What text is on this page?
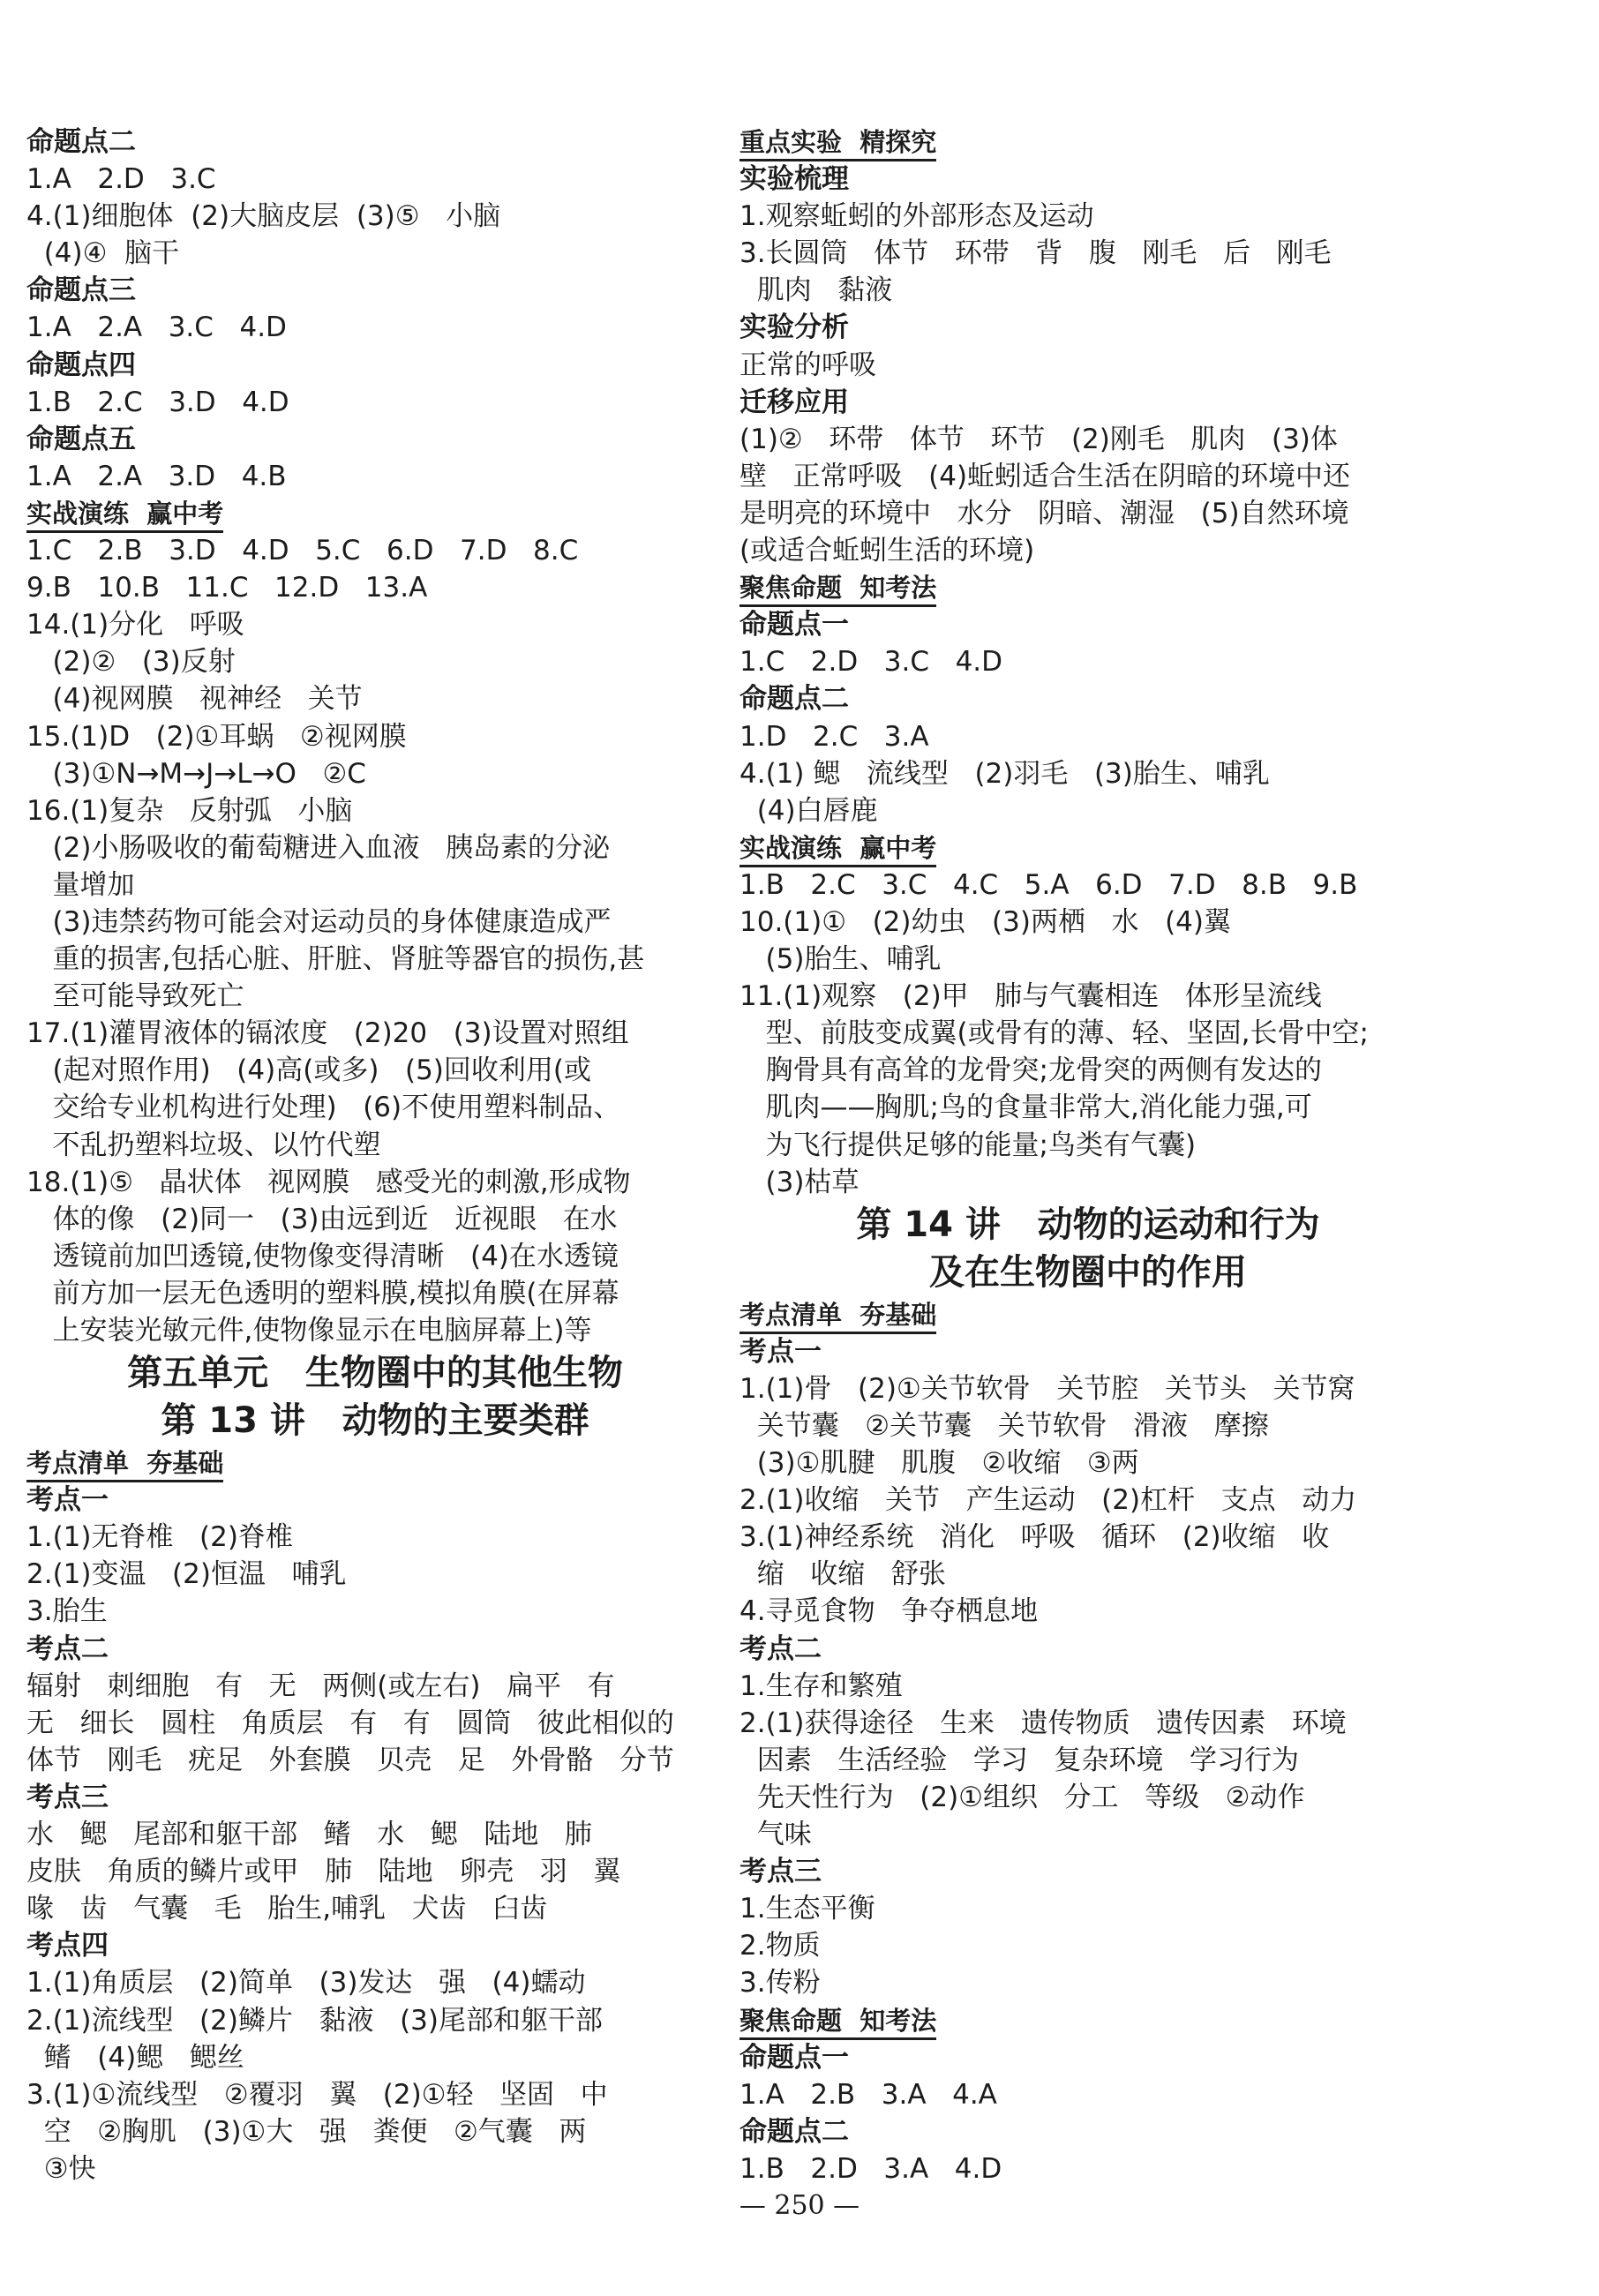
命题点二
1.A   2.D   3.C
4.(1)细胞体  (2)大脑皮层  (3)⑤   小脑
(4)④  脑干
命题点三
1.A   2.A   3.C   4.D
命题点四
1.B   2.C   3.D   4.D
命题点五
1.A   2.A   3.D   4.B
实战演练  赢中考
1.C   2.B   3.D   4.D   5.C   6.D   7.D   8.C
9.B   10.B   11.C   12.D   13.A
14.(1)分化   呼吸
(2)②   (3)反射
(4)视网膜   视神经   关节
15.(1)D   (2)①耳蜗   ②视网膜
(3)①N→M→J→L→O   ②C
16.(1)复杂   反射弧   小脑
(2)小肠吸收的葡萄糖进入血液   胰岛素的分泌
量增加
(3)违禁药物可能会对运动员的身体健康造成严
重的损害,包括心脏、肝脏、肾脏等器官的损伤,甚
至可能导致死亡
17.(1)灌胃液体的镉浓度   (2)20   (3)设置对照组
(起对照作用)   (4)高(或多)   (5)回收利用(或
交给专业机构进行处理)   (6)不使用塑料制品、
不乱扔塑料垃圾、以竹代塑
18.(1)⑤   晶状体   视网膜   感受光的刺激,形成物
体的像   (2)同一   (3)由远到近   近视眼   在水
透镜前加凹透镜,使物像变得清晰   (4)在水透镜
前方加一层无色透明的塑料膜,模拟角膜(在屏幕
上安装光敏元件,使物像显示在电脑屏幕上)等
第五单元   生物圈中的其他生物
第 13 讲   动物的主要类群
考点清单  夯基础
考点一
1.(1)无脊椎   (2)脊椎
2.(1)变温   (2)恒温   哺乳
3.胎生
考点二
辐射   刺细胞   有   无   两侧(或左右)   扁平   有
无   细长   圆柱   角质层   有   有   圆筒   彼此相似的
体节   刚毛   疣足   外套膜   贝壳   足   外骨骼   分节
考点三
水   鳃   尾部和躯干部   鳍   水   鳃   陆地   肺
皮肤   角质的鳞片或甲   肺   陆地   卵壳   羽   翼
喙   齿   气囊   毛   胎生,哺乳   犬齿   臼齿
考点四
1.(1)角质层   (2)简单   (3)发达   强   (4)蠕动
2.(1)流线型   (2)鳞片   黏液   (3)尾部和躯干部
鳍   (4)鳃   鳃丝
3.(1)①流线型   ②覆羽   翼   (2)①轻   坚固   中
空   ②胸肌   (3)①大   强   粪便   ②气囊   两
③快
重点实验  精探究
实验梳理
1.观察蚯蚓的外部形态及运动
3.长圆筒   体节   环带   背   腹   刚毛   后   刚毛
肌肉   黏液
实验分析
正常的呼吸
迁移应用
(1)②   环带   体节   环节   (2)刚毛   肌肉   (3)体
壁   正常呼吸   (4)蚯蚓适合生活在阴暗的环境中还
是明亮的环境中   水分   阴暗、潮湿   (5)自然环境
(或适合蚯蚓生活的环境)
聚焦命题  知考法
命题点一
1.C   2.D   3.C   4.D
命题点二
1.D   2.C   3.A
4.(1) 鳃   流线型   (2)羽毛   (3)胎生、哺乳
(4)白唇鹿
实战演练  赢中考
1.B   2.C   3.C   4.C   5.A   6.D   7.D   8.B   9.B
10.(1)①   (2)幼虫   (3)两栖   水   (4)翼
(5)胎生、哺乳
11.(1)观察   (2)甲   肺与气囊相连   体形呈流线
型、前肢变成翼(或骨有的薄、轻、坚固,长骨中空;
胸骨具有高耸的龙骨突;龙骨突的两侧有发达的
肌肉——胸肌;鸟的食量非常大,消化能力强,可
为飞行提供足够的能量;鸟类有气囊)
(3)枯草
第 14 讲   动物的运动和行为
及在生物圈中的作用
考点清单  夯基础
考点一
1.(1)骨   (2)①关节软骨   关节腔   关节头   关节窝
关节囊   ②关节囊   关节软骨   滑液   摩擦
(3)①肌腱   肌腹   ②收缩   ③两
2.(1)收缩   关节   产生运动   (2)杠杆   支点   动力
3.(1)神经系统   消化   呼吸   循环   (2)收缩   收
缩   收缩   舒张
4.寻觅食物   争夺栖息地
考点二
1.生存和繁殖
2.(1)获得途径   生来   遗传物质   遗传因素   环境
因素   生活经验   学习   复杂环境   学习行为
先天性行为   (2)①组织   分工   等级   ②动作
气味
考点三
1.生态平衡
2.物质
3.传粉
聚焦命题  知考法
命题点一
1.A   2.B   3.A   4.A
命题点二
1.B   2.D   3.A   4.D
— 250 —
